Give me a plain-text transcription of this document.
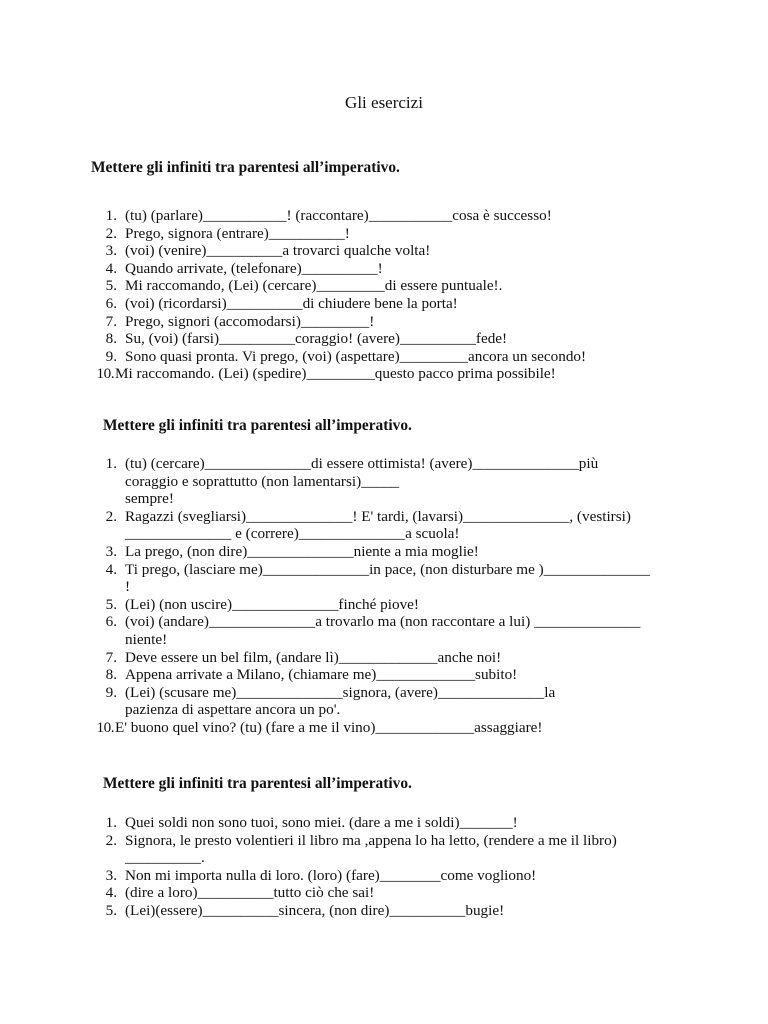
Gli esercizi
Mettere gli infiniti tra parentesi all’imperativo.
1. (tu) (parlare)___________! (raccontare)___________cosa è successo!
2. Prego, signora (entrare)__________!
3. (voi) (venire)__________a trovarci qualche volta!
4. Quando arrivate, (telefonare)__________!
5. Mi raccomando, (Lei) (cercare)_________di essere puntuale!.
6. (voi) (ricordarsi)__________di chiudere bene la porta!
7. Prego, signori (accomodarsi)_________!
8. Su, (voi) (farsi)__________coraggio! (avere)__________fede!
9. Sono quasi pronta. Vi prego, (voi) (aspettare)_________ancora un secondo!
10. Mi raccomando. (Lei) (spedire)_________questo pacco prima possibile!
Mettere gli infiniti tra parentesi all’imperativo.
1. (tu) (cercare)______________di essere ottimista! (avere)______________più
coraggio e soprattutto (non lamentarsi)_____
sempre!
2. Ragazzi (svegliarsi)______________! E' tardi, (lavarsi)______________, (vestirsi)
______________ e (correre)______________a scuola!
3. La prego, (non dire)______________niente a mia moglie!
4. Ti prego, (lasciare me)______________in pace, (non disturbare me )______________
!
5. (Lei) (non uscire)______________finché piove!
6. (voi) (andare)______________a trovarlo ma (non raccontare a lui) ______________
niente!
7. Deve essere un bel film, (andare lì)_____________anche noi!
8. Appena arrivate a Milano, (chiamare me)_____________subito!
9. (Lei) (scusare me)______________signora, (avere)______________la
pazienza di aspettare ancora un po'.
10. E' buono quel vino? (tu) (fare a me il vino)_____________assaggiare!
Mettere gli infiniti tra parentesi all’imperativo.
1. Quei soldi non sono tuoi, sono miei. (dare a me i soldi)_______!
2. Signora, le presto volentieri il libro ma ,appena lo ha letto, (rendere a me il libro)
__________.
3. Non mi importa nulla di loro. (loro) (fare)________come vogliono!
4. (dire a loro)__________tutto ciò che sai!
5. (Lei)(essere)__________sincera, (non dire)__________bugie!
